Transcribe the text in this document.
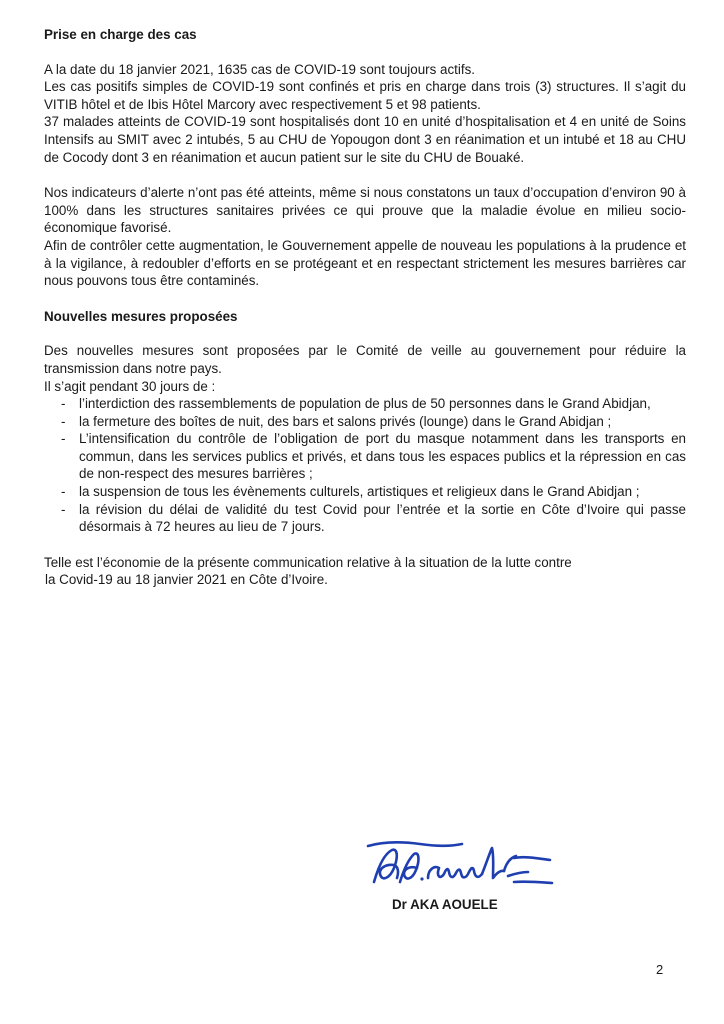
Prise en charge des cas

A la date du 18 janvier 2021, 1635 cas de COVID-19 sont toujours actifs.

Les cas positifs simples de COVID-19 sont confinés et pris en charge dans trois (3) structures. Il s’agit du VITIB hôtel et de Ibis Hôtel Marcory avec respectivement 5 et 98 patients.

37 malades atteints de COVID-19 sont hospitalisés dont 10 en unité d’hospitalisation et 4 en unité de Soins Intensifs au SMIT avec 2 intubés, 5 au CHU de Yopougon dont 3 en réanimation et un intubé et 18 au CHU de Cocody dont 3 en réanimation et aucun patient sur le site du CHU de Bouaké.

Nos indicateurs d’alerte n’ont pas été atteints, même si nous constatons un taux d’occupation d’environ 90 à 100% dans les structures sanitaires privées ce qui prouve que la maladie évolue en milieu socio-économique favorisé.

Afin de contrôler cette augmentation, le Gouvernement appelle de nouveau les populations à la prudence et à la vigilance, à redoubler d’efforts en se protégeant et en respectant strictement les mesures barrières car nous pouvons tous être contaminés.

Nouvelles mesures proposées

Des nouvelles mesures sont proposées par le Comité de veille au gouvernement pour réduire la transmission dans notre pays.

Il s’agit pendant 30 jours de :

- l’interdiction des rassemblements de population de plus de 50 personnes dans le Grand Abidjan,
- la fermeture des boîtes de nuit, des bars et salons privés (lounge) dans le Grand Abidjan ;
- L’intensification du contrôle de l’obligation de port du masque notamment dans les transports en commun, dans les services publics et privés, et dans tous les espaces publics et la répression en cas de non-respect des mesures barrières ;
- la suspension de tous les évènements culturels, artistiques et religieux dans le Grand Abidjan ;
- la révision du délai de validité du test Covid pour l’entrée et la sortie en Côte d’Ivoire qui passe désormais à 72 heures au lieu de 7 jours.

Telle est l’économie de la présente communication relative à la situation de la lutte contre

la Covid-19 au 18 janvier 2021 en Côte d’Ivoire.

Dr AKA AOUELE
2
